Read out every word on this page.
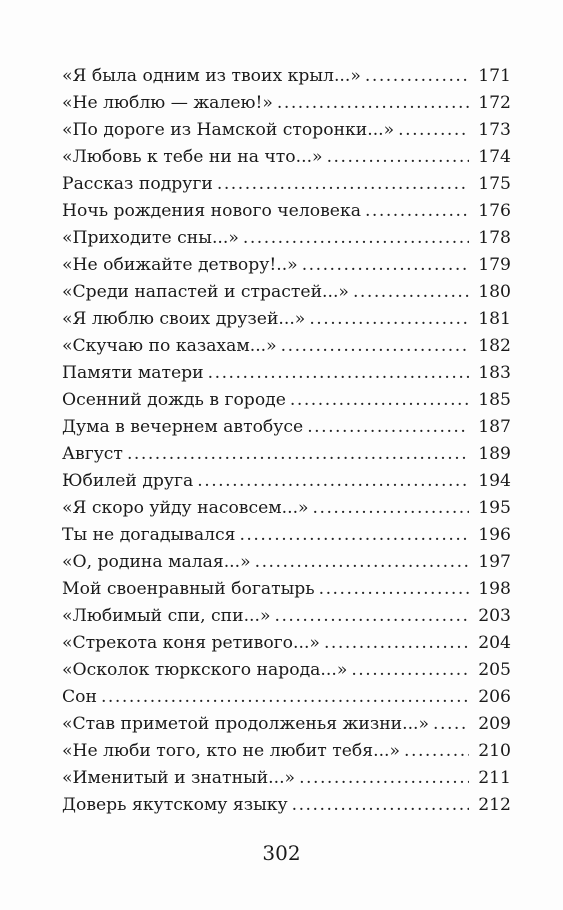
«Я была одним из твоих крыл...» .....	171
«Не люблю — жалею!» .....	172
«По дороге из Намской сторонки...» .....	173
«Любовь к тебе ни на что...» .....	174
Рассказ подруги .....	175
Ночь рождения нового человека .....	176
«Приходите сны...» .....	178
«Не обижайте детвору!..» .....	179
«Среди напастей и страстей...» .....	180
«Я люблю своих друзей...» .....	181
«Скучаю по казахам...» .....	182
Памяти матери .....	183
Осенний дождь в городе .....	185
Дума в вечернем автобусе .....	187
Август .....	189
Юбилей друга .....	194
«Я скоро уйду насовсем...» .....	195
Ты не догадывался .....	196
«О, родина малая...» .....	197
Мой своенравный богатырь .....	198
«Любимый спи, спи...» .....	203
«Стрекота коня ретивого...» .....	204
«Осколок тюркского народа...» .....	205
Сон .....	206
«Став приметой продолженья жизни...» .....	209
«Не люби того, кто не любит тебя...» .....	210
«Именитый и знатный...» .....	211
Доверь якутскому языку .....	212
302
